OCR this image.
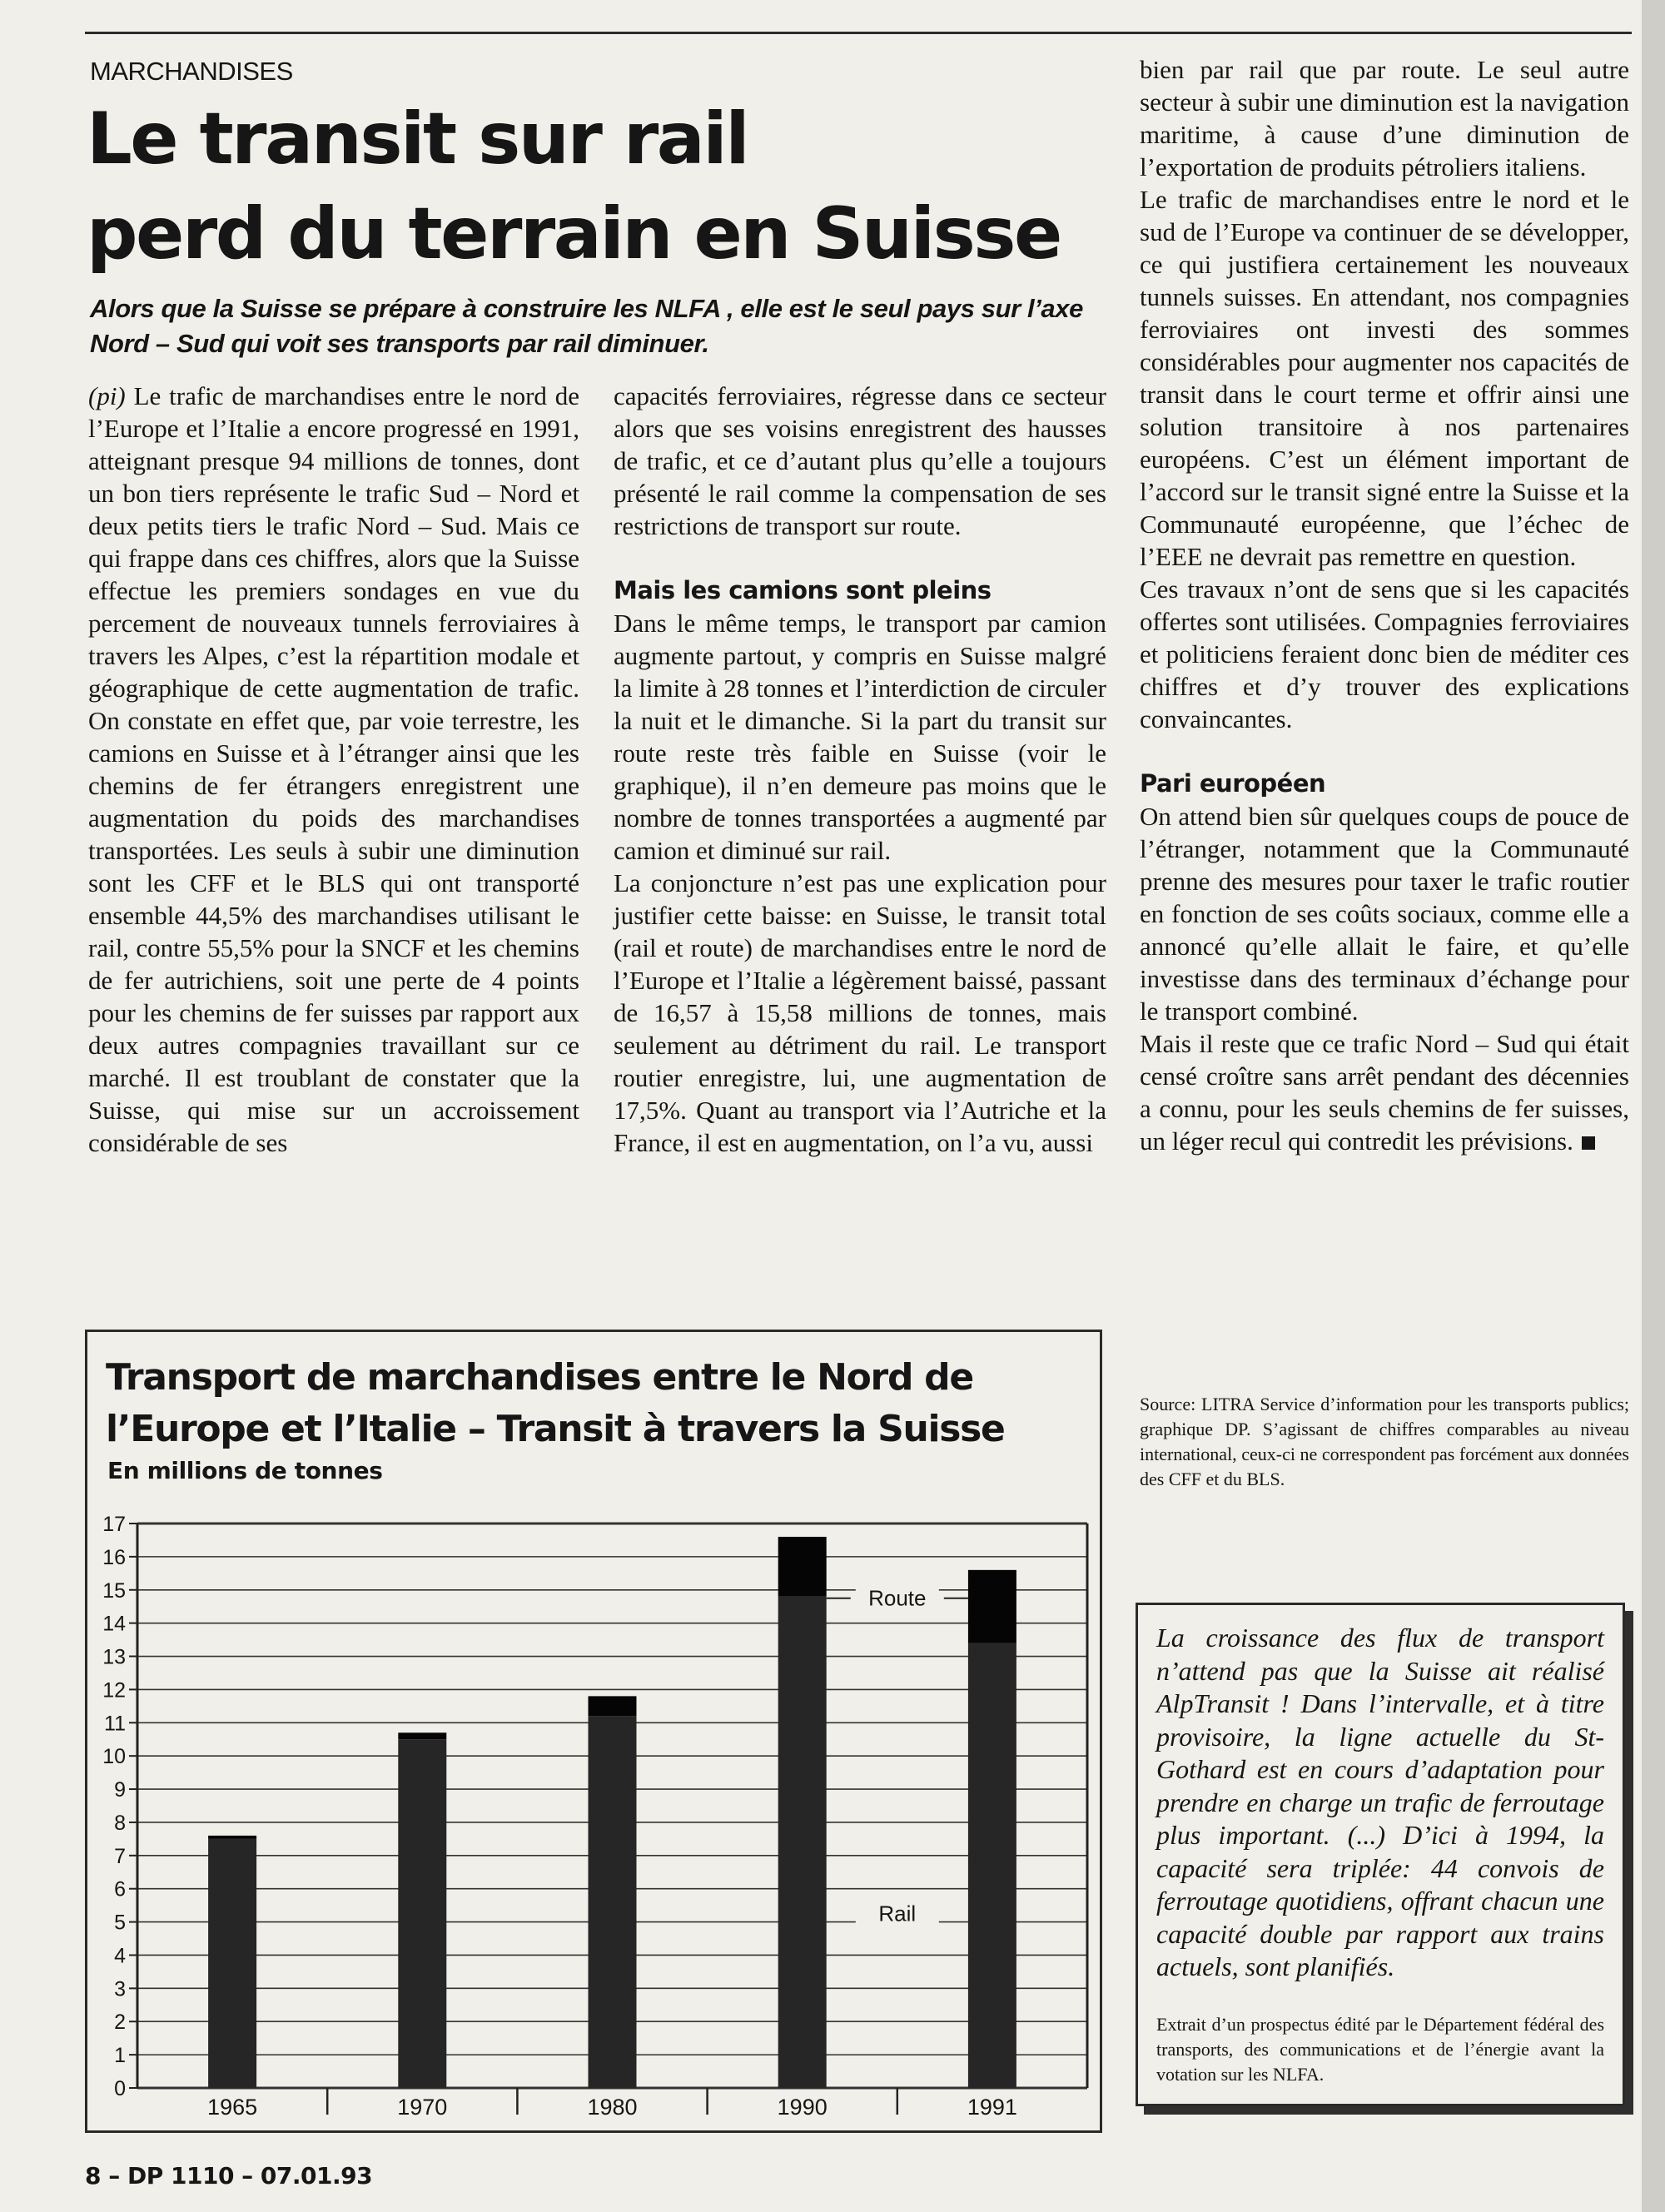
MARCHANDISES
Le transit sur rail
perd du terrain en Suisse

Alors que la Suisse se prépare à construire les NLFA , elle est le seul pays sur l’axe Nord – Sud qui voit ses transports par rail diminuer.

(pi) Le trafic de marchandises entre le nord de l’Europe et l’Italie a encore progressé en 1991, atteignant presque 94 millions de tonnes, dont un bon tiers représente le trafic Sud – Nord et deux petits tiers le trafic Nord – Sud. Mais ce qui frappe dans ces chiffres, alors que la Suisse effectue les premiers sondages en vue du percement de nouveaux tunnels ferroviaires à travers les Alpes, c’est la répartition modale et géographique de cette augmentation de trafic. On constate en effet que, par voie terrestre, les camions en Suisse et à l’étranger ainsi que les chemins de fer étrangers enregistrent une augmentation du poids des marchandises transportées. Les seuls à subir une diminution sont les CFF et le BLS qui ont transporté ensemble 44,5% des marchandises utilisant le rail, contre 55,5% pour la SNCF et les chemins de fer autrichiens, soit une perte de 4 points pour les chemins de fer suisses par rapport aux deux autres compagnies travaillant sur ce marché. Il est troublant de constater que la Suisse, qui mise sur un accroissement considérable de ses

capacités ferroviaires, régresse dans ce secteur alors que ses voisins enregistrent des hausses de trafic, et ce d’autant plus qu’elle a toujours présenté le rail comme la compensation de ses restrictions de transport sur route.

Mais les camions sont pleins

Dans le même temps, le transport par camion augmente partout, y compris en Suisse malgré la limite à 28 tonnes et l’interdiction de circuler la nuit et le dimanche. Si la part du transit sur route reste très faible en Suisse (voir le graphique), il n’en demeure pas moins que le nombre de tonnes transportées a augmenté par camion et diminué sur rail.

La conjoncture n’est pas une explication pour justifier cette baisse: en Suisse, le transit total (rail et route) de marchandises entre le nord de l’Europe et l’Italie a légèrement baissé, passant de 16,57 à 15,58 millions de tonnes, mais seulement au détriment du rail. Le transport routier enregistre, lui, une augmentation de 17,5%. Quant au transport via l’Autriche et la France, il est en augmentation, on l’a vu, aussi

bien par rail que par route. Le seul autre secteur à subir une diminution est la navigation maritime, à cause d’une diminution de l’exportation de produits pétroliers italiens.

Le trafic de marchandises entre le nord et le sud de l’Europe va continuer de se développer, ce qui justifiera certainement les nouveaux tunnels suisses. En attendant, nos compagnies ferroviaires ont investi des sommes considérables pour augmenter nos capacités de transit dans le court terme et offrir ainsi une solution transitoire à nos partenaires européens. C’est un élément important de l’accord sur le transit signé entre la Suisse et la Communauté européenne, que l’échec de l’EEE ne devrait pas remettre en question.

Ces travaux n’ont de sens que si les capacités offertes sont utilisées. Compagnies ferroviaires et politiciens feraient donc bien de méditer ces chiffres et d’y trouver des explications convaincantes.

Pari européen

On attend bien sûr quelques coups de pouce de l’étranger, notamment que la Communauté prenne des mesures pour taxer le trafic routier en fonction de ses coûts sociaux, comme elle a annoncé qu’elle allait le faire, et qu’elle investisse dans des terminaux d’échange pour le transport combiné.

Mais il reste que ce trafic Nord – Sud qui était censé croître sans arrêt pendant des décennies a connu, pour les seuls chemins de fer suisses, un léger recul qui contredit les prévisions.

Transport de marchandises entre le Nord de l’Europe et l’Italie – Transit à travers la Suisse
En millions de tonnes
0
1
2
3
4
5
6
7
8
9
10
11
12
13
14
15
16
17
1965	1970	1980	1990	1991
Rail
Route

Source: LITRA Service d’information pour les transports publics; graphique DP. S’agissant de chiffres comparables au niveau international, ceux-ci ne correspondent pas forcément aux données des CFF et du BLS.

La croissance des flux de transport n’attend pas que la Suisse ait réalisé AlpTransit ! Dans l’intervalle, et à titre provisoire, la ligne actuelle du St-Gothard est en cours d’adaptation pour prendre en charge un trafic de ferroutage plus important. (...) D’ici à 1994, la capacité sera triplée: 44 convois de ferroutage quotidiens, offrant chacun une capacité double par rapport aux trains actuels, sont planifiés.

Extrait d’un prospectus édité par le Département fédéral des transports, des communications et de l’énergie avant la votation sur les NLFA.

8 – DP 1110 – 07.01.93
